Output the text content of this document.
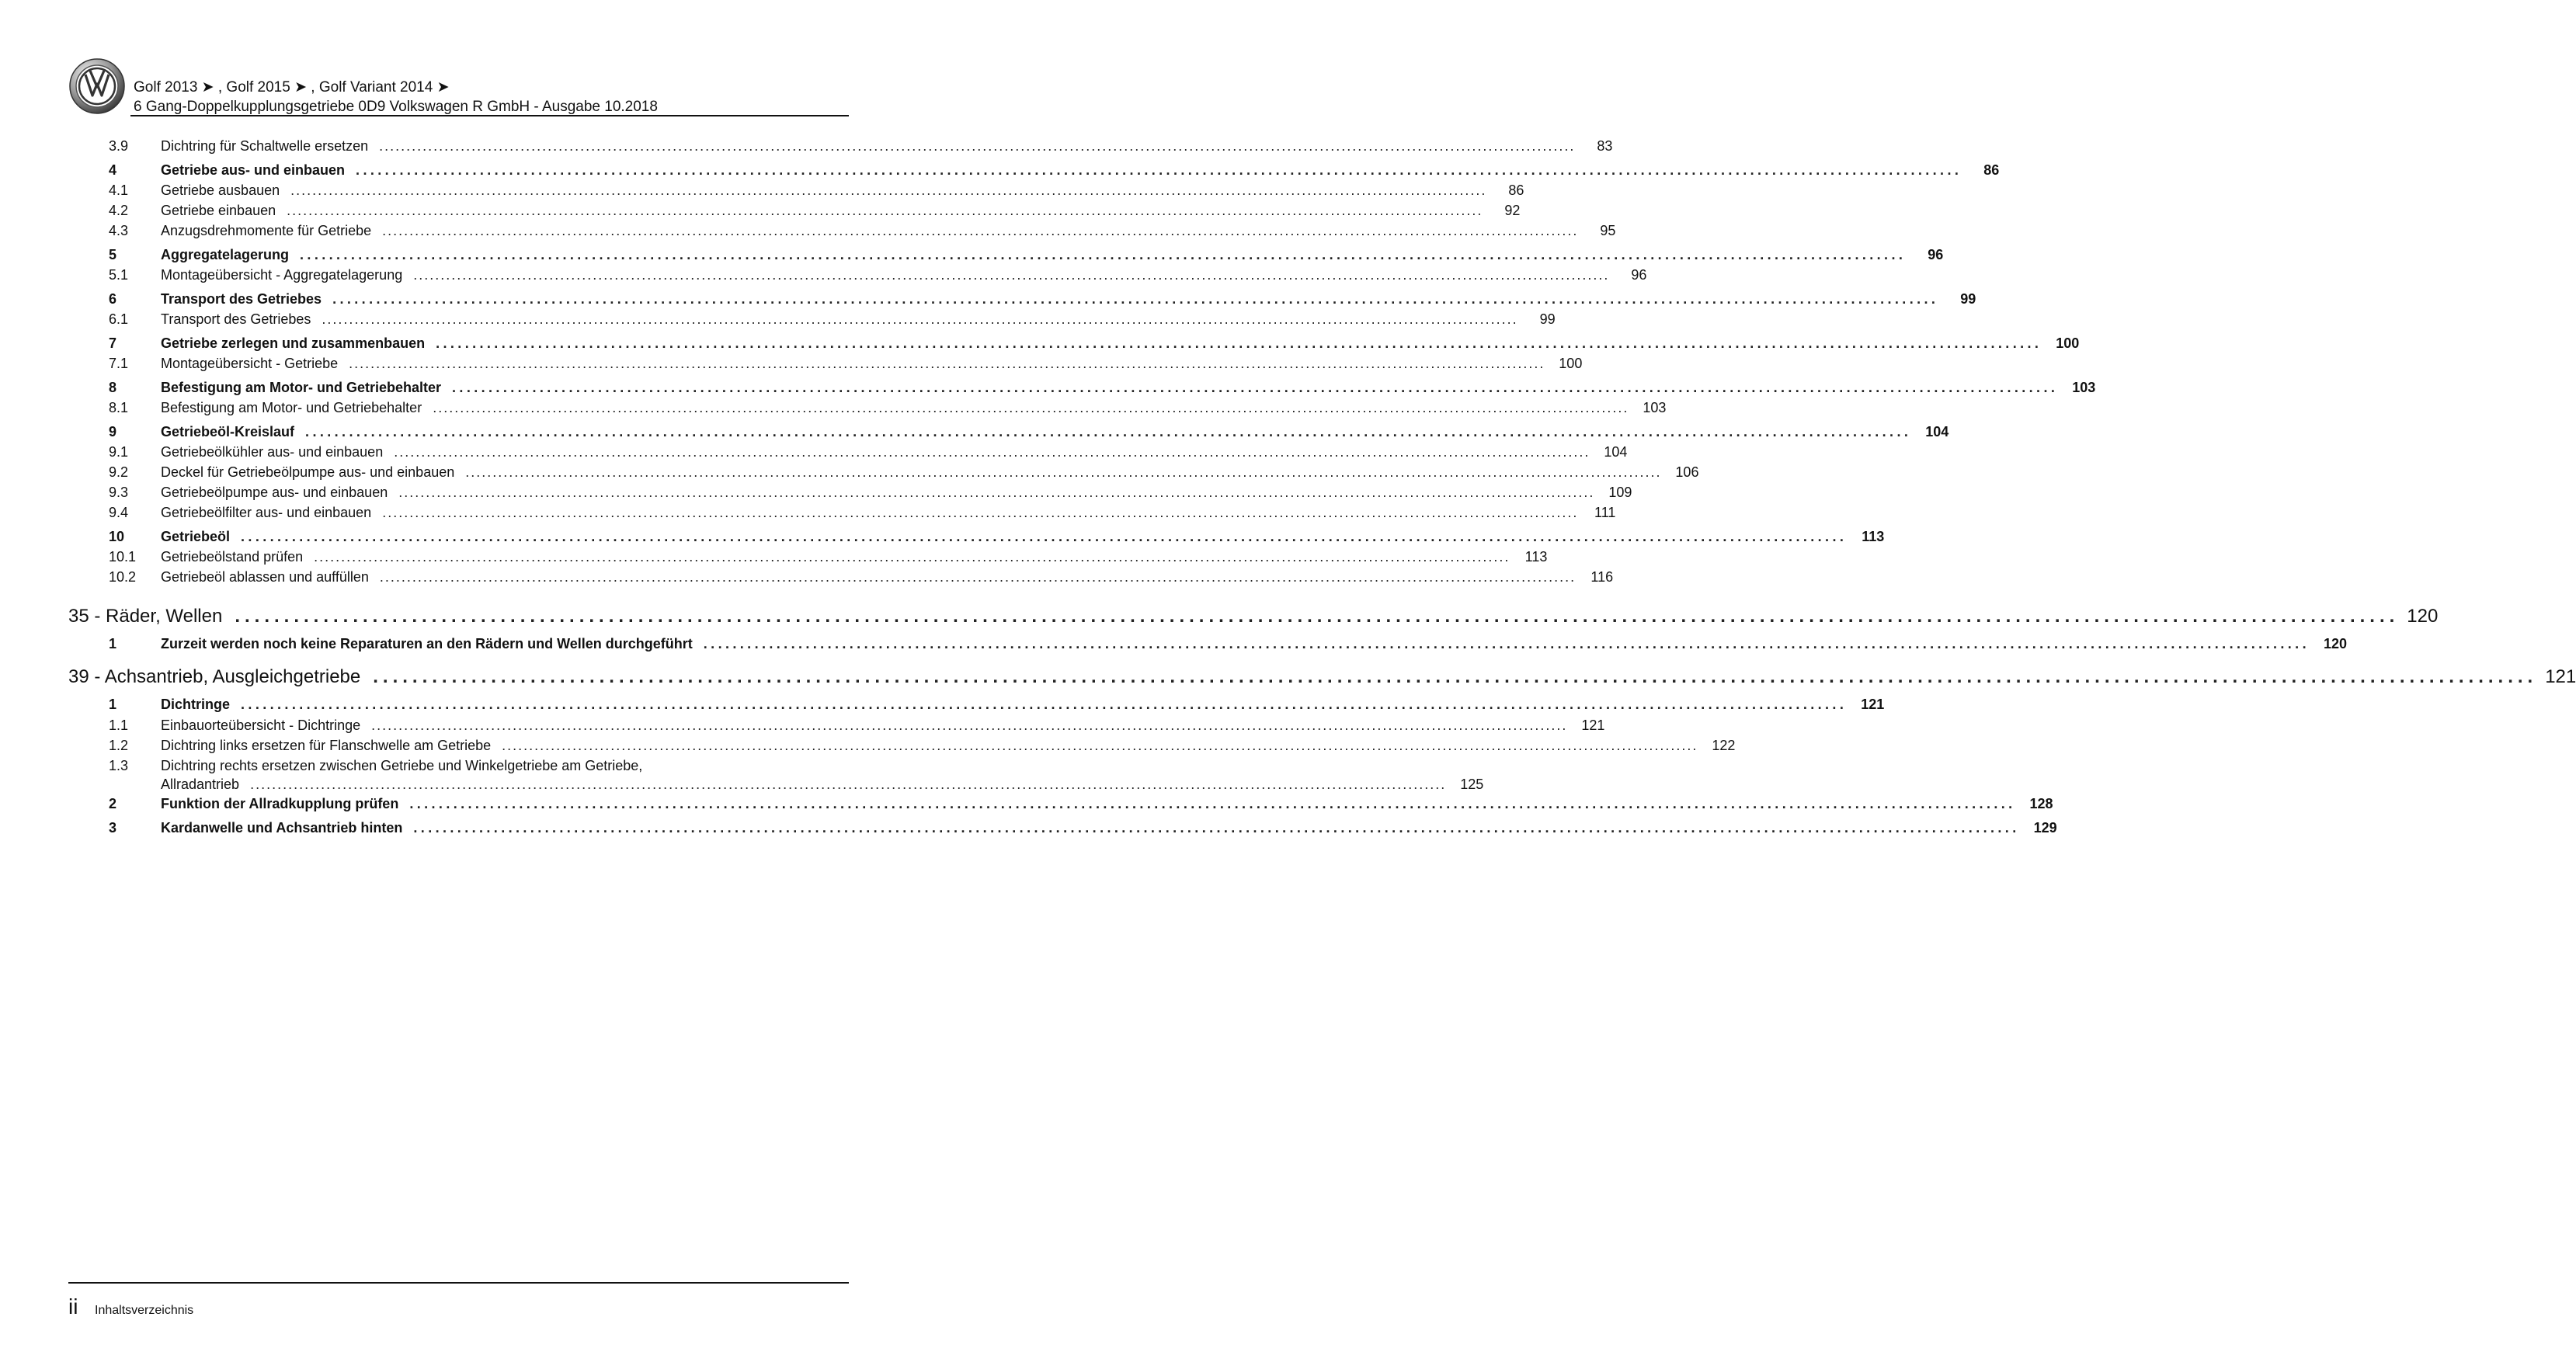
Golf 2013 ➤ , Golf 2015 ➤ , Golf Variant 2014 ➤
6 Gang-Doppelkupplungsgetriebe 0D9 Volkswagen R GmbH - Ausgabe 10.2018
3.9 Dichtring für Schaltwelle ersetzen ............................................................................................................................................................................................................................	83
4	Getriebe aus- und einbauen ............................................................................................................................................................................................................................	86
4.1 Getriebe ausbauen ............................................................................................................................................................................................................................	86
4.2 Getriebe einbauen ............................................................................................................................................................................................................................	92
4.3 Anzugsdrehmomente für Getriebe ............................................................................................................................................................................................................................	95
5	Aggregatelagerung ............................................................................................................................................................................................................................	96
5.1 Montageübersicht - Aggregatelagerung ............................................................................................................................................................................................................................	96
6	Transport des Getriebes ............................................................................................................................................................................................................................	99
6.1 Transport des Getriebes ............................................................................................................................................................................................................................	99
7	Getriebe zerlegen und zusammenbauen ............................................................................................................................................................................................................................ 100
7.1 Montageübersicht - Getriebe ............................................................................................................................................................................................................................ 100
8	Befestigung am Motor- und Getriebehalter ............................................................................................................................................................................................................................ 103
8.1 Befestigung am Motor- und Getriebehalter ............................................................................................................................................................................................................................ 103
9	Getriebeöl-Kreislauf ............................................................................................................................................................................................................................ 104
9.1 Getriebeölkühler aus- und einbauen ............................................................................................................................................................................................................................ 104
9.2 Deckel für Getriebeölpumpe aus- und einbauen ............................................................................................................................................................................................................................ 106
9.3 Getriebeölpumpe aus- und einbauen ............................................................................................................................................................................................................................ 109
9.4 Getriebeölfilter aus- und einbauen ............................................................................................................................................................................................................................	111
10	Getriebeöl ............................................................................................................................................................................................................................	113
10.1 Getriebeölstand prüfen ............................................................................................................................................................................................................................	113
10.2 Getriebeöl ablassen und auffüllen ............................................................................................................................................................................................................................	116
35 - Räder, Wellen ............................................................................................................................................................................................................................ 120
1	Zurzeit werden noch keine Reparaturen an den Rädern und Wellen durchgeführt ............................................................................................................................................................................................................................ 120
39 - Achsantrieb, Ausgleichgetriebe ............................................................................................................................................................................................................................ 121
1	Dichtringe ............................................................................................................................................................................................................................ 121
1.1 Einbauorteübersicht - Dichtringe ............................................................................................................................................................................................................................ 121
1.2 Dichtring links ersetzen für Flanschwelle am Getriebe ............................................................................................................................................................................................................................ 122
1.3 Dichtring rechts ersetzen zwischen Getriebe und Winkelgetriebe am Getriebe,
Allradantrieb ............................................................................................................................................................................................................................ 125
2	Funktion der Allradkupplung prüfen ............................................................................................................................................................................................................................ 128
3	Kardanwelle und Achsantrieb hinten ............................................................................................................................................................................................................................ 129
ii Inhaltsverzeichnis
